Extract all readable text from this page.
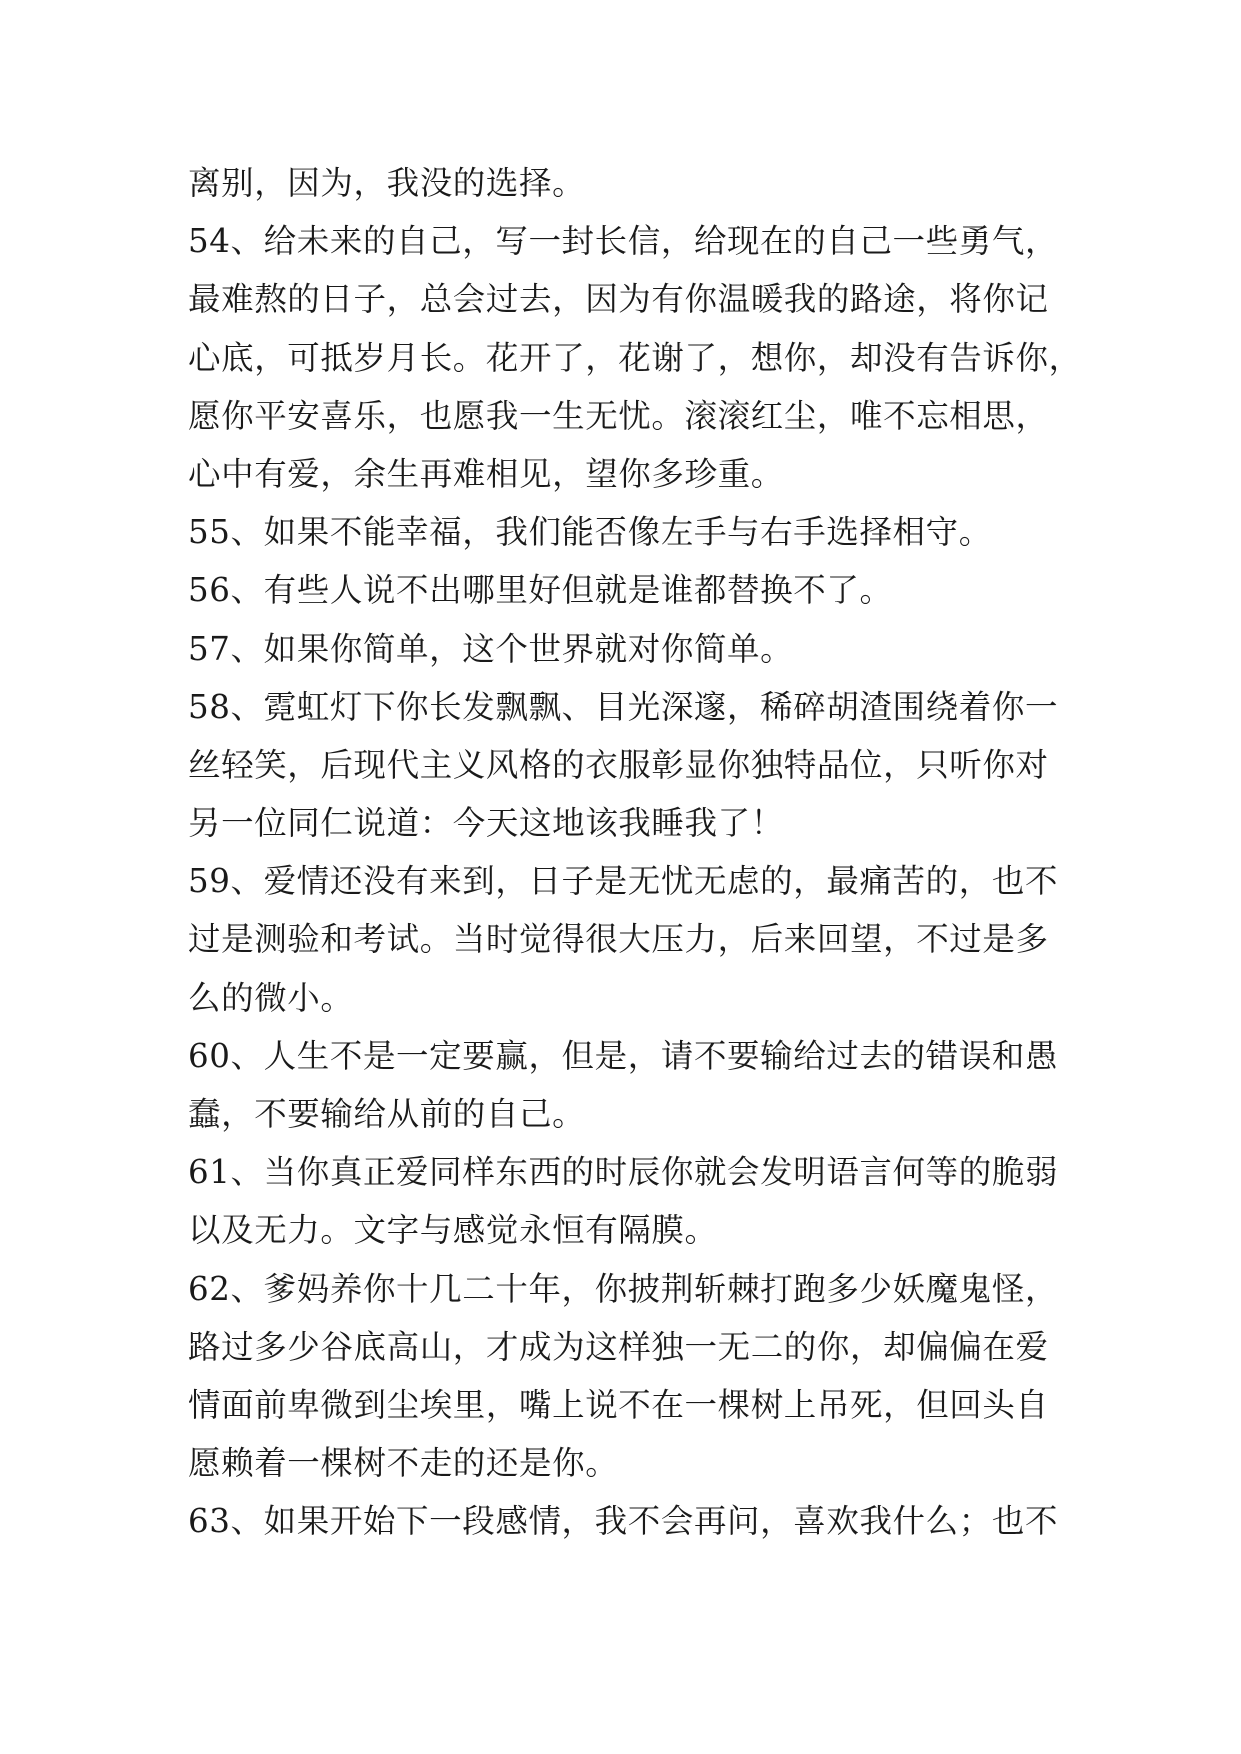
离别，因为，我没的选择。
54、给未来的自己，写一封长信，给现在的自己一些勇气，
最难熬的日子，总会过去，因为有你温暖我的路途，将你记
心底，可抵岁月长。花开了，花谢了，想你，却没有告诉你，
愿你平安喜乐，也愿我一生无忧。滚滚红尘，唯不忘相思，
心中有爱，余生再难相见，望你多珍重。
55、如果不能幸福，我们能否像左手与右手选择相守。
56、有些人说不出哪里好但就是谁都替换不了。
57、如果你简单，这个世界就对你简单。
58、霓虹灯下你长发飘飘、目光深邃，稀碎胡渣围绕着你一
丝轻笑，后现代主义风格的衣服彰显你独特品位，只听你对
另一位同仁说道：今天这地该我睡我了！
59、爱情还没有来到，日子是无忧无虑的，最痛苦的，也不
过是测验和考试。当时觉得很大压力，后来回望，不过是多
么的微小。
60、人生不是一定要赢，但是，请不要输给过去的错误和愚
蠢，不要输给从前的自己。
61、当你真正爱同样东西的时辰你就会发明语言何等的脆弱
以及无力。文字与感觉永恒有隔膜。
62、爹妈养你十几二十年，你披荆斩棘打跑多少妖魔鬼怪，
路过多少谷底高山，才成为这样独一无二的你，却偏偏在爱
情面前卑微到尘埃里，嘴上说不在一棵树上吊死，但回头自
愿赖着一棵树不走的还是你。
63、如果开始下一段感情，我不会再问，喜欢我什么；也不
